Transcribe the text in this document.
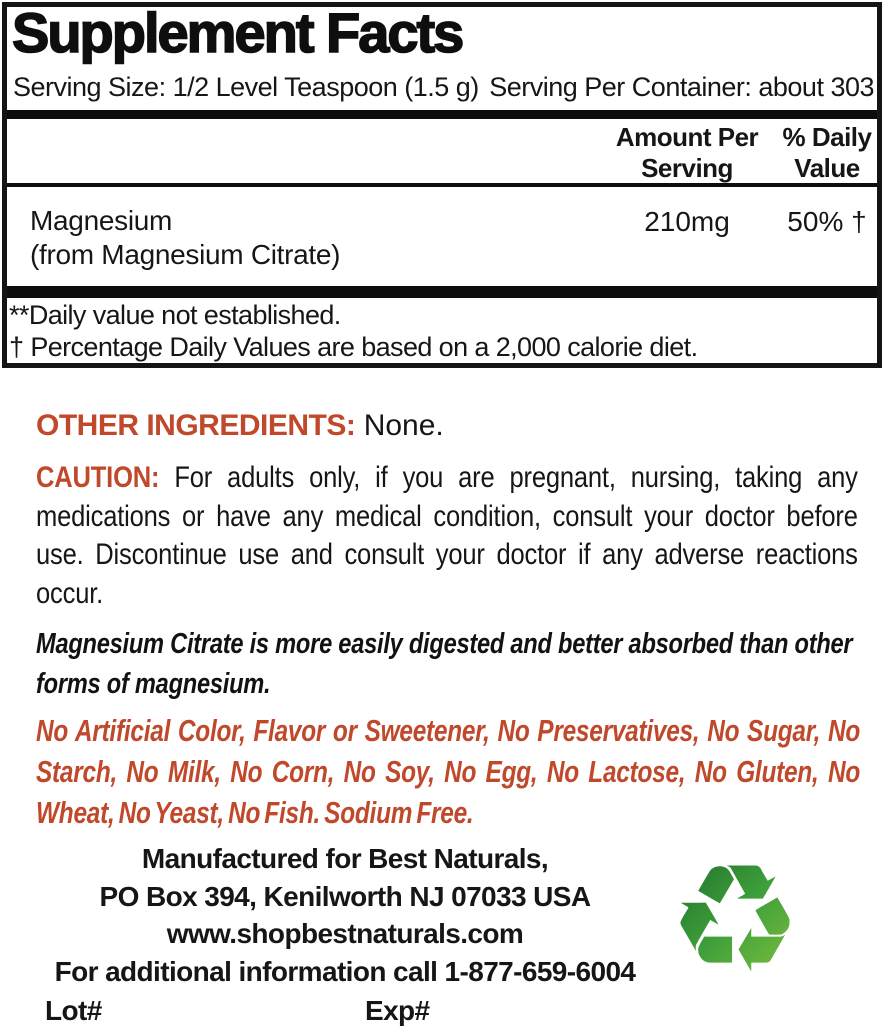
Supplement Facts
Serving Size: 1/2 Level Teaspoon (1.5 g) Serving Per Container: about 303
Amount Per
Serving
% Daily
Value
Magnesium
(from Magnesium Citrate)
210mg	50% †
**Daily value not established.
† Percentage Daily Values are based on a 2,000 calorie diet.
OTHER INGREDIENTS: None.
CAUTION: For adults only, if you are pregnant, nursing, taking any medications or have any medical condition, consult your doctor before use. Discontinue use and consult your doctor if any adverse reactions occur.
Magnesium Citrate is more easily digested and better absorbed than other forms of magnesium.
No Artificial Color, Flavor or Sweetener, No Preservatives, No Sugar, No Starch, No Milk, No Corn, No Soy, No Egg, No Lactose, No Gluten, No Wheat, No Yeast, No Fish. Sodium Free.
Manufactured for Best Naturals,
PO Box 394, Kenilworth NJ 07033 USA
www.shopbestnaturals.com
For additional information call 1-877-659-6004
Lot#	Exp#
♻
